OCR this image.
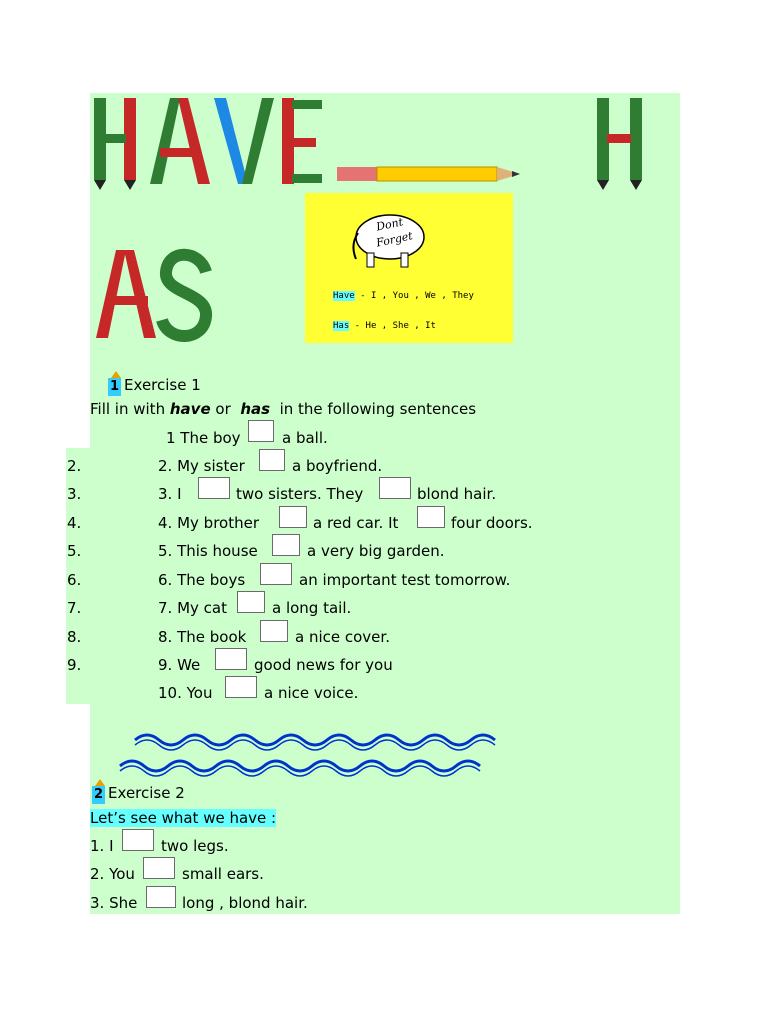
Dont
Forget
Have - I , You , We , They
Has - He , She , It
1 Exercise 1
Fill in with have or has in the following sentences
2.
3.
4.
5.
6.
7.
8.
9.
1 The boy	a ball.
2. My sister	a boyfriend.
3. I	two sisters. They	blond hair.
4. My brother	a red car. It	four doors.
5. This house	a very big garden.
6. The boys	an important test tomorrow.
7. My cat	a long tail.
8. The book	a nice cover.
9. We	good news for you
10. You	a nice voice.
2 Exercise 2
Let’s see what we have :
1. I	two legs.
2. You	small ears.
3. She	long , blond hair.
